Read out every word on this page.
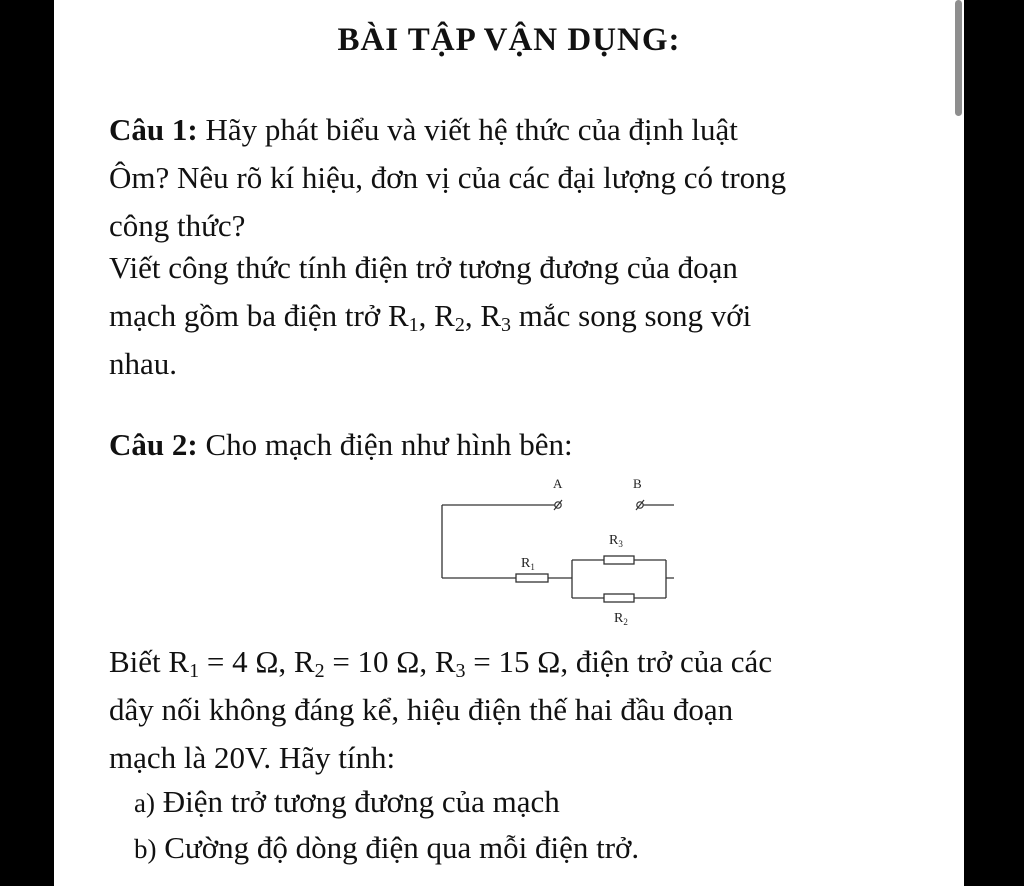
BÀI TẬP VẬN DỤNG:
Câu 1: Hãy phát biểu và viết hệ thức của định luật
Ôm? Nêu rõ kí hiệu, đơn vị của các đại lượng có trong
công thức?
Viết công thức tính điện trở tương đương của đoạn
mạch gồm ba điện trở $R_1$, $R_2$, $R_3$ mắc song song với
nhau.
Câu 2: Cho mạch điện như hình bên:
A	B
$R_1$
$R_3$
$R_2$
Biết $R_1 = 4$ Ω, $R_2 = 10$ Ω, $R_3 = 15$ Ω, điện trở của các
dây nối không đáng kể, hiệu điện thế hai đầu đoạn
mạch là 20V. Hãy tính:
a) Điện trở tương đương của mạch
b) Cường độ dòng điện qua mỗi điện trở.
